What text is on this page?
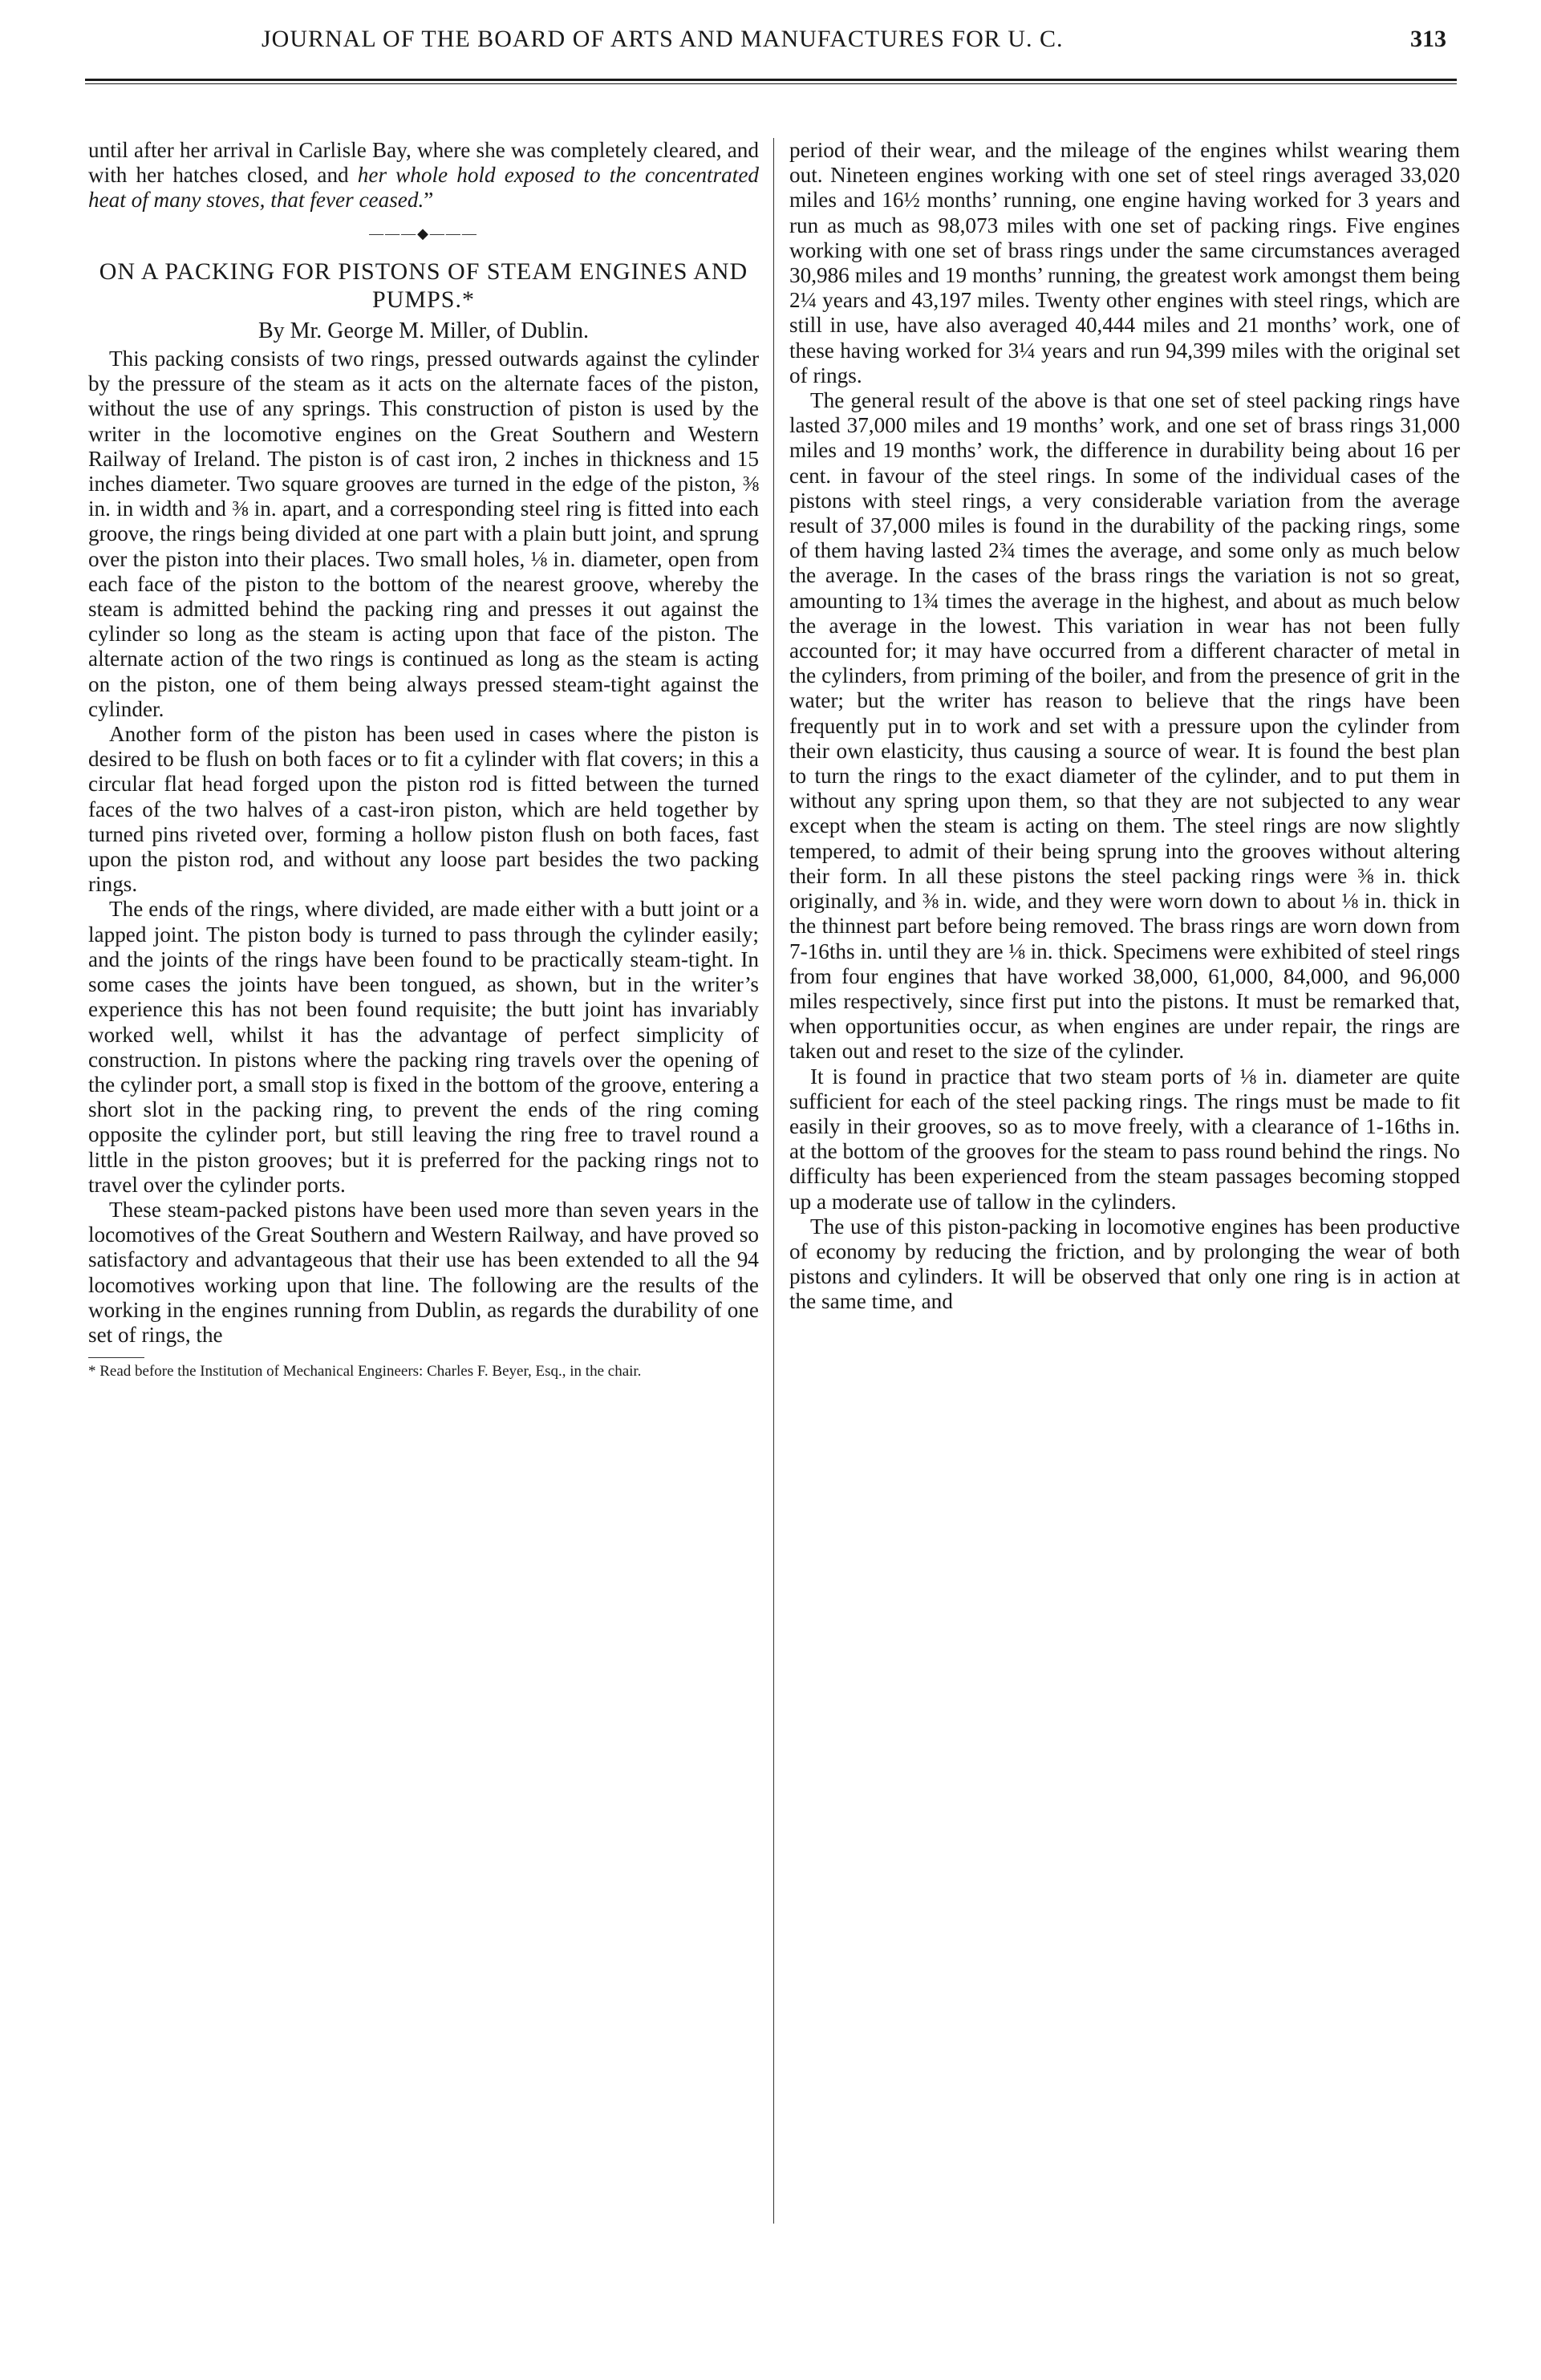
JOURNAL OF THE BOARD OF ARTS AND MANUFACTURES FOR U. C.	313

until after her arrival in Carlisle Bay, where she was completely cleared, and with her hatches closed, and her whole hold exposed to the concentrated heat of many stoves, that fever ceased.”

———◆———
ON A PACKING FOR PISTONS OF STEAM ENGINES AND PUMPS.*
By Mr. George M. Miller, of Dublin.

This packing consists of two rings, pressed outwards against the cylinder by the pressure of the steam as it acts on the alternate faces of the piston, without the use of any springs. This construction of piston is used by the writer in the locomotive engines on the Great Southern and Western Railway of Ireland. The piston is of cast iron, 2 inches in thickness and 15 inches diameter. Two square grooves are turned in the edge of the piston, ⅜ in. in width and ⅜ in. apart, and a corresponding steel ring is fitted into each groove, the rings being divided at one part with a plain butt joint, and sprung over the piston into their places. Two small holes, ⅛ in. diameter, open from each face of the piston to the bottom of the nearest groove, whereby the steam is admitted behind the packing ring and presses it out against the cylinder so long as the steam is acting upon that face of the piston. The alternate action of the two rings is continued as long as the steam is acting on the piston, one of them being always pressed steam-tight against the cylinder.

Another form of the piston has been used in cases where the piston is desired to be flush on both faces or to fit a cylinder with flat covers; in this a circular flat head forged upon the piston rod is fitted between the turned faces of the two halves of a cast-iron piston, which are held together by turned pins riveted over, forming a hollow piston flush on both faces, fast upon the piston rod, and without any loose part besides the two packing rings.

The ends of the rings, where divided, are made either with a butt joint or a lapped joint. The piston body is turned to pass through the cylinder easily; and the joints of the rings have been found to be practically steam-tight. In some cases the joints have been tongued, as shown, but in the writer’s experience this has not been found requisite; the butt joint has invariably worked well, whilst it has the advantage of perfect simplicity of construction. In pistons where the packing ring travels over the opening of the cylinder port, a small stop is fixed in the bottom of the groove, entering a short slot in the packing ring, to prevent the ends of the ring coming opposite the cylinder port, but still leaving the ring free to travel round a little in the piston grooves; but it is preferred for the packing rings not to travel over the cylinder ports.

These steam-packed pistons have been used more than seven years in the locomotives of the Great Southern and Western Railway, and have proved so satisfactory and advantageous that their use has been extended to all the 94 locomotives working upon that line. The following are the results of the working in the engines running from Dublin, as regards the durability of one set of rings, the

* Read before the Institution of Mechanical Engineers: Charles F. Beyer, Esq., in the chair.

period of their wear, and the mileage of the engines whilst wearing them out. Nineteen engines working with one set of steel rings averaged 33,020 miles and 16½ months’ running, one engine having worked for 3 years and run as much as 98,073 miles with one set of packing rings. Five engines working with one set of brass rings under the same circumstances averaged 30,986 miles and 19 months’ running, the greatest work amongst them being 2¼ years and 43,197 miles. Twenty other engines with steel rings, which are still in use, have also averaged 40,444 miles and 21 months’ work, one of these having worked for 3¼ years and run 94,399 miles with the original set of rings.

The general result of the above is that one set of steel packing rings have lasted 37,000 miles and 19 months’ work, and one set of brass rings 31,000 miles and 19 months’ work, the difference in durability being about 16 per cent. in favour of the steel rings. In some of the individual cases of the pistons with steel rings, a very considerable variation from the average result of 37,000 miles is found in the durability of the packing rings, some of them having lasted 2¾ times the average, and some only as much below the average. In the cases of the brass rings the variation is not so great, amounting to 1¾ times the average in the highest, and about as much below the average in the lowest. This variation in wear has not been fully accounted for; it may have occurred from a different character of metal in the cylinders, from priming of the boiler, and from the presence of grit in the water; but the writer has reason to believe that the rings have been frequently put in to work and set with a pressure upon the cylinder from their own elasticity, thus causing a source of wear. It is found the best plan to turn the rings to the exact diameter of the cylinder, and to put them in without any spring upon them, so that they are not subjected to any wear except when the steam is acting on them. The steel rings are now slightly tempered, to admit of their being sprung into the grooves without altering their form. In all these pistons the steel packing rings were ⅜ in. thick originally, and ⅜ in. wide, and they were worn down to about ⅛ in. thick in the thinnest part before being removed. The brass rings are worn down from 7-16ths in. until they are ⅛ in. thick. Specimens were exhibited of steel rings from four engines that have worked 38,000, 61,000, 84,000, and 96,000 miles respectively, since first put into the pistons. It must be remarked that, when opportunities occur, as when engines are under repair, the rings are taken out and reset to the size of the cylinder.

It is found in practice that two steam ports of ⅛ in. diameter are quite sufficient for each of the steel packing rings. The rings must be made to fit easily in their grooves, so as to move freely, with a clearance of 1-16ths in. at the bottom of the grooves for the steam to pass round behind the rings. No difficulty has been experienced from the steam passages becoming stopped up a moderate use of tallow in the cylinders.

The use of this piston-packing in locomotive engines has been productive of economy by reducing the friction, and by prolonging the wear of both pistons and cylinders. It will be observed that only one ring is in action at the same time, and
